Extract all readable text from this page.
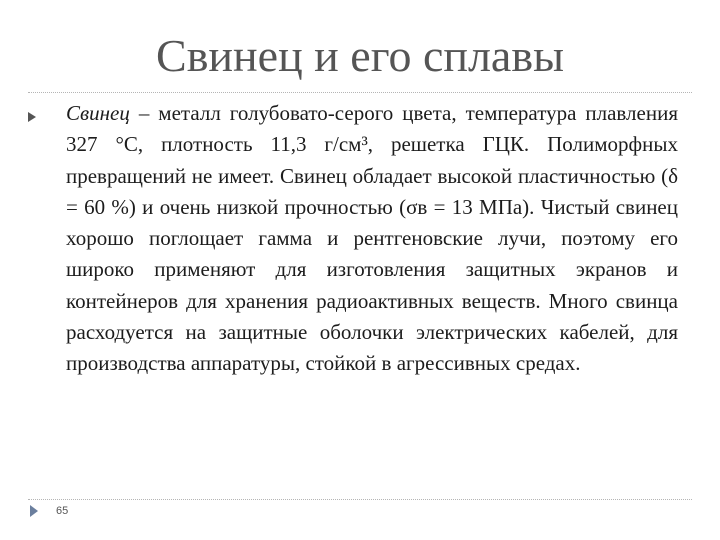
Свинец и его сплавы

Свинец – металл голубовато-серого цвета, температура плавления 327 °С, плотность 11,3 г/см³, решетка ГЦК. Полиморфных превращений не имеет. Свинец обладает высокой пластичностью (δ = 60 %) и очень низкой прочностью (σв = 13 МПа). Чистый свинец хорошо поглощает гамма и рентгеновские лучи, поэтому его широко применяют для изготовления защитных экранов и контейнеров для хранения радиоактивных веществ. Много свинца расходуется на защитные оболочки электрических кабелей, для производства аппаратуры, стойкой в агрессивных средах.

65
